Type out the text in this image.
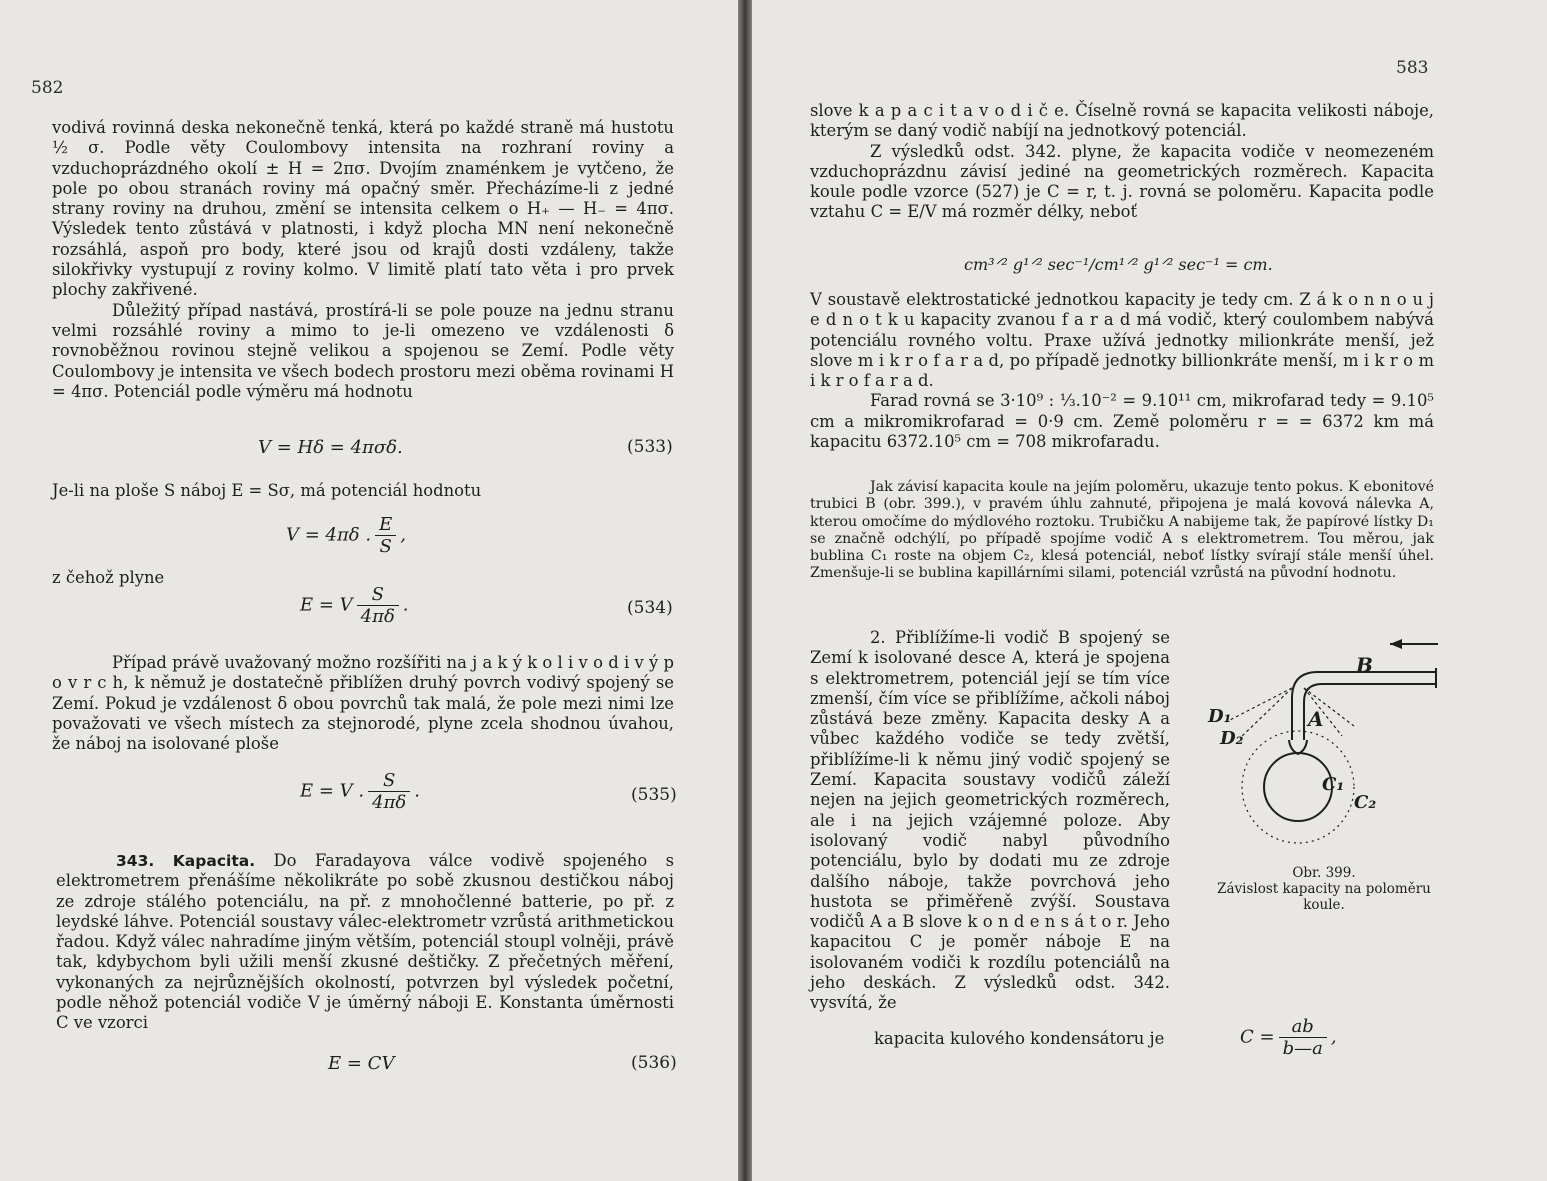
582

vodivá rovinná deska nekonečně tenká, která po každé straně má hustotu ½ σ. Podle věty Coulombovy intensita na rozhraní roviny a vzduchoprázdného okolí ± H = 2πσ. Dvojím znaménkem je vytčeno, že pole po obou stranách roviny má opačný směr. Přecházíme-li z jedné strany roviny na druhou, změní se intensita celkem o H₊ — H₋ = 4πσ. Výsledek tento zůstává v platnosti, i když plocha MN není nekonečně rozsáhlá, aspoň pro body, které jsou od krajů dosti vzdáleny, takže silokřivky vystupují z roviny kolmo. V limitě platí tato věta i pro prvek plochy zakřivené.

Důležitý případ nastává, prostírá-li se pole pouze na jednu stranu velmi rozsáhlé roviny a mimo to je-li omezeno ve vzdálenosti δ rovnoběžnou rovinou stejně velikou a spojenou se Zemí. Podle věty Coulombovy je intensita ve všech bodech prostoru mezi oběma rovinami H = 4πσ. Potenciál podle výměru má hodnotu

V = Hδ = 4πσδ.	(533)

Je-li na ploše S náboj E = Sσ, má potenciál hodnotu

V = 4πδ . $\frac{E}{S}$ ,
z čehož plyne
E = V $\frac{S}{4\pi\delta}$ .	(534)

Případ právě uvažovaný možno rozšířiti na j a k ý k o l i v o d i v ý p o v r c h, k němuž je dostatečně přiblížen druhý povrch vodivý spojený se Zemí. Pokud je vzdálenost δ obou povrchů tak malá, že pole mezi nimi lze považovati ve všech místech za stejnorodé, plyne zcela shodnou úvahou, že náboj na isolované ploše

E = V . $\frac{S}{4\pi\delta}$ .	(535)

343. Kapacita. Do Faradayova válce vodivě spojeného s elektrometrem přenášíme několikráte po sobě zkusnou destičkou náboj ze zdroje stálého potenciálu, na př. z mnohočlenné batterie, po př. z leydské láhve. Potenciál soustavy válec-elektrometr vzrůstá arithmetickou řadou. Když válec nahradíme jiným větším, potenciál stoupl volněji, právě tak, kdybychom byli užili menší zkusné deštičky. Z přečetných měření, vykonaných za nejrůznějších okolností, potvrzen byl výsledek početní, podle něhož potenciál vodiče V je úměrný náboji E. Konstanta úměrnosti C ve vzorci

E = CV	(536)
583

slove k a p a c i t a v o d i č e. Číselně rovná se kapacita velikosti náboje, kterým se daný vodič nabíjí na jednotkový potenciál.

Z výsledků odst. 342. plyne, že kapacita vodiče v neomezeném vzduchoprázdnu závisí jediné na geometrických rozměrech. Kapacita koule podle vzorce (527) je C = r, t. j. rovná se poloměru. Kapacita podle vztahu C = E/V má rozměr délky, neboť

cm³ᐟ² g¹ᐟ² sec⁻¹/cm¹ᐟ² g¹ᐟ² sec⁻¹ = cm.

V soustavě elektrostatické jednotkou kapacity je tedy cm. Z á k o n n o u j e d n o t k u kapacity zvanou f a r a d má vodič, který coulombem nabývá potenciálu rovného voltu. Praxe užívá jednotky milionkráte menší, jež slove m i k r o f a r a d, po případě jednotky billionkráte menší, m i k r o m i k r o f a r a d.

Farad rovná se 3·10⁹ : ⅓.10⁻² = 9.10¹¹ cm, mikrofarad tedy = 9.10⁵ cm a mikromikrofarad = 0·9 cm. Země poloměru r = = 6372 km má kapacitu 6372.10⁵ cm = 708 mikrofaradu.

Jak závisí kapacita koule na jejím poloměru, ukazuje tento pokus. K ebonitové trubici B (obr. 399.), v pravém úhlu zahnuté, připojena je malá kovová nálevka A, kterou omočíme do mýdlového roztoku. Trubičku A nabijeme tak, že papírové lístky D₁ se značně odchýlí, po případě spojíme vodič A s elektrometrem. Tou měrou, jak bublina C₁ roste na objem C₂, klesá potenciál, neboť lístky svírají stále menší úhel. Zmenšuje-li se bublina kapillárními silami, potenciál vzrůstá na původní hodnotu.

2. Přiblížíme-li vodič B spojený se Zemí k isolované desce A, která je spojena s elektrometrem, potenciál její se tím více zmenší, čím více se přiblížíme, ačkoli náboj zůstává beze změny. Kapacita desky A a vůbec každého vodiče se tedy zvětší, přiblížíme-li k němu jiný vodič spojený se Zemí. Kapacita soustavy vodičů záleží nejen na jejich geometrických rozměrech, ale i na jejich vzájemné poloze. Aby isolovaný vodič nabyl původního potenciálu, bylo by dodati mu ze zdroje dalšího náboje, takže povrchová jeho hustota se přiměřeně zvýší. Soustava vodičů A a B slove k o n d e n s á t o r. Jeho kapacitou C je poměr náboje E na isolovaném vodiči k rozdílu potenciálů na jeho deskách. Z výsledků odst. 342. vysvítá, že

B
A
D₁
D₂
C₁
C₂
Obr. 399.
Závislost kapacity na poloměru koule.
kapacita kulového kondensátoru je	$C = \frac{ab}{b—a}$ ,
